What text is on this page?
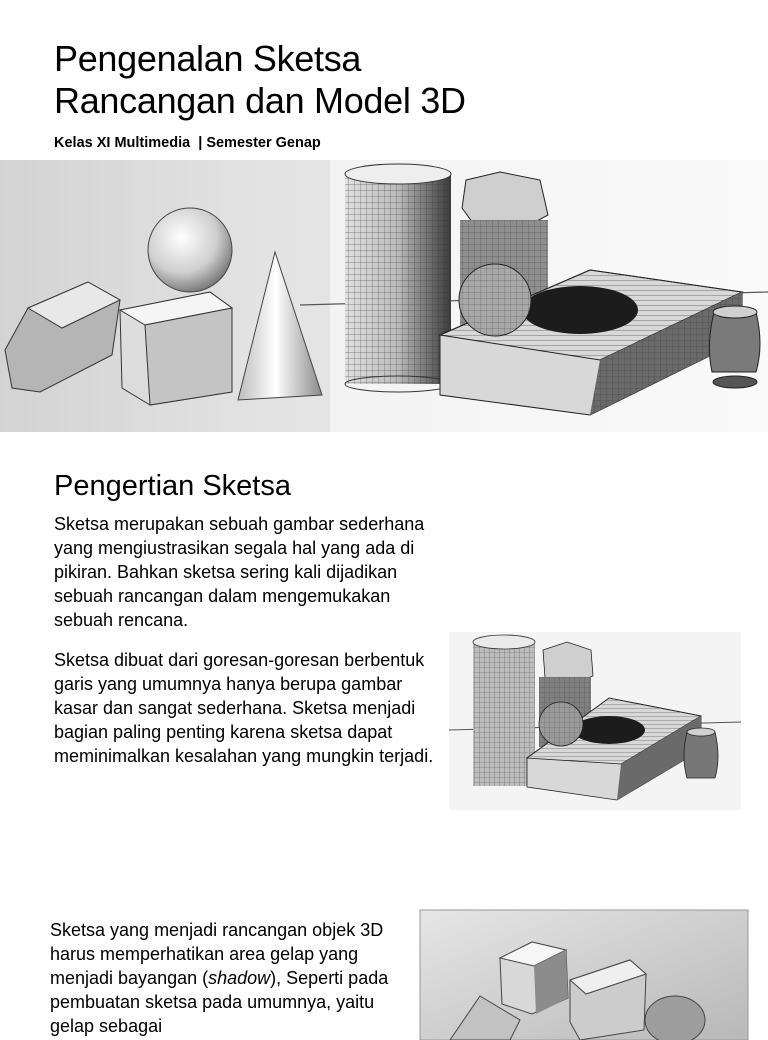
Pengenalan Sketsa
Rancangan dan Model 3D
Kelas XI Multimedia  | Semester Genap
Pengertian Sketsa

Sketsa merupakan sebuah gambar sederhana yang mengiustrasikan segala hal yang ada di pikiran. Bahkan sketsa sering kali dijadikan sebuah rancangan dalam mengemukakan sebuah rencana.

Sketsa dibuat dari goresan-goresan berbentuk garis yang umumnya hanya berupa gambar kasar dan sangat sederhana. Sketsa menjadi bagian paling penting karena sketsa dapat meminimalkan kesalahan yang mungkin terjadi.

Sketsa yang menjadi rancangan objek 3D harus memperhatikan area gelap yang menjadi bayangan (shadow), Seperti pada pembuatan sketsa pada umumnya, yaitu gelap sebagai
